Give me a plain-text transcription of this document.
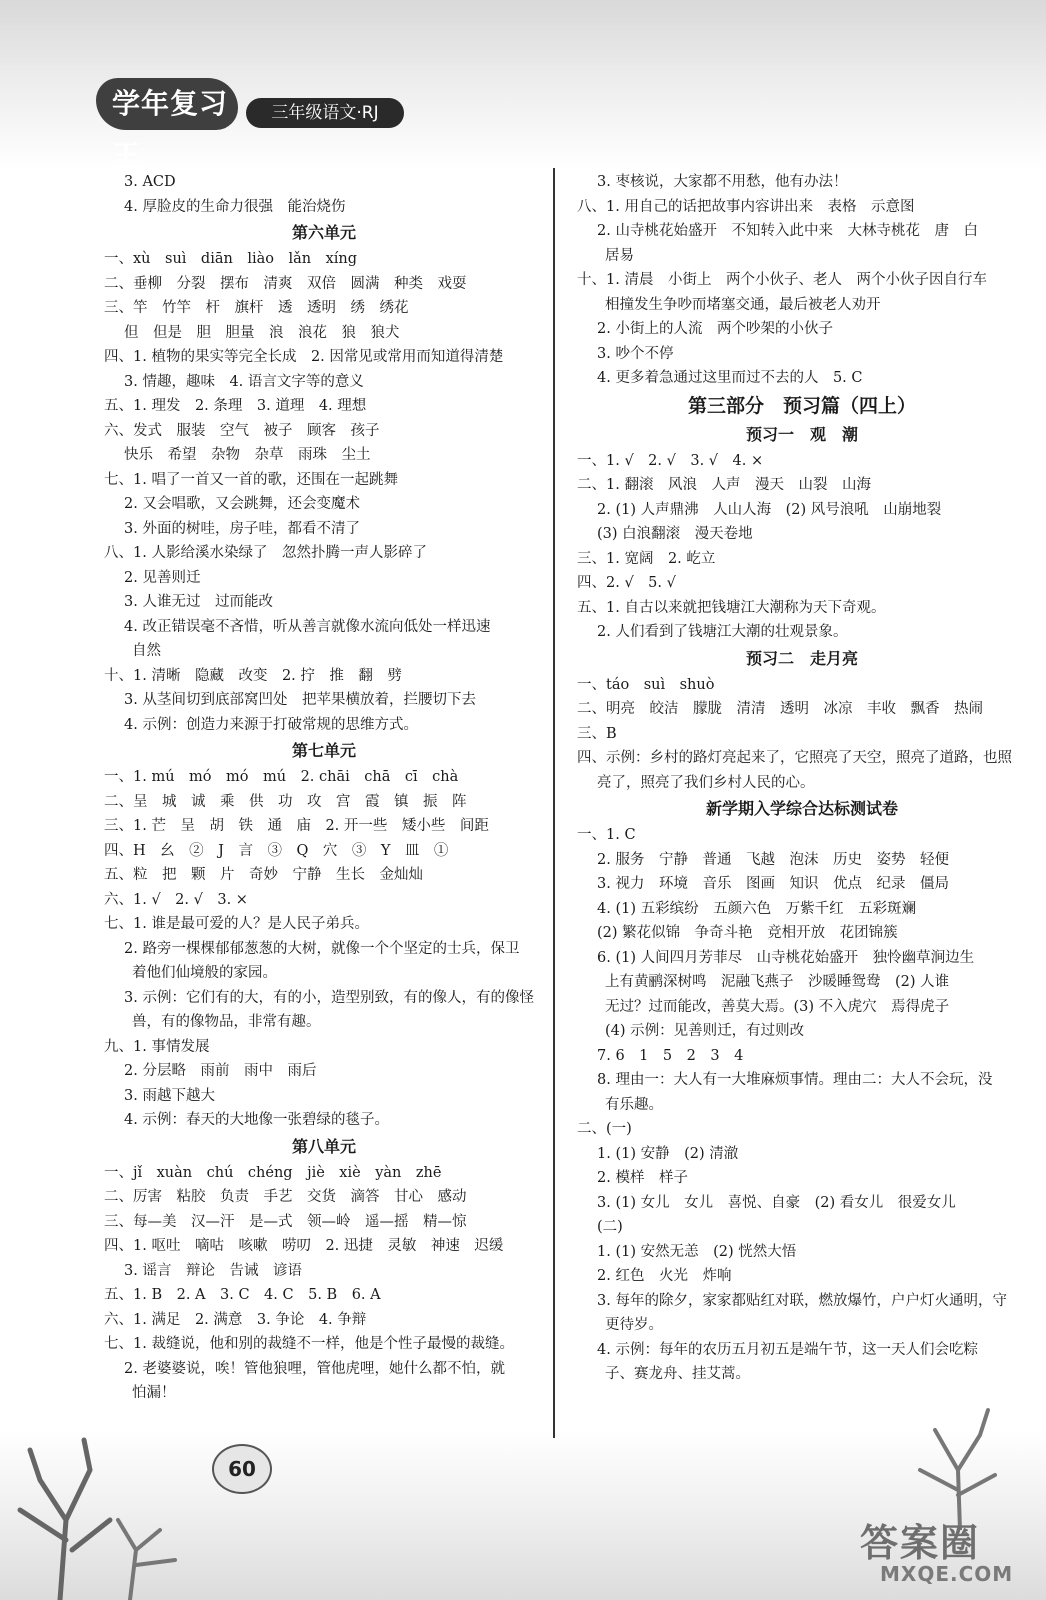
学年复习王
三年级语文·RJ
3. ACD
4. 厚脸皮的生命力很强　能治烧伤
第六单元
一、xù　suì　diān　liào　lǎn　xíng
二、垂柳　分裂　摆布　清爽　双倍　圆满　种类　戏耍
三、竿　竹竿　杆　旗杆　透　透明　绣　绣花
但　但是　胆　胆量　浪　浪花　狼　狼犬
四、1. 植物的果实等完全长成　2. 因常见或常用而知道得清楚
3. 情趣，趣味　4. 语言文字等的意义
五、1. 理发　2. 条理　3. 道理　4. 理想
六、发式　服装　空气　被子　顾客　孩子
快乐　希望　杂物　杂草　雨珠　尘土
七、1. 唱了一首又一首的歌，还围在一起跳舞
2. 又会唱歌，又会跳舞，还会变魔术
3. 外面的树哇，房子哇，都看不清了
八、1. 人影给溪水染绿了　忽然扑腾一声人影碎了
2. 见善则迁
3. 人谁无过　过而能改
4. 改正错误毫不吝惜，听从善言就像水流向低处一样迅速
自然
十、1. 清晰　隐藏　改变　2. 拧　推　翻　劈
3. 从茎间切到底部窝凹处　把苹果横放着，拦腰切下去
4. 示例：创造力来源于打破常规的思维方式。
第七单元
一、1. mú　mó　mó　mú　2. chāi　chā　cī　chà
二、呈　城　诚　乘　供　功　攻　宫　霞　镇　振　阵
三、1. 芒　呈　胡　铁　通　庙　2. 开一些　矮小些　间距
四、H　幺　②　J　言　③　Q　穴　③　Y　皿　①
五、粒　把　颗　片　奇妙　宁静　生长　金灿灿
六、1. √　2. √　3. ×
七、1. 谁是最可爱的人？是人民子弟兵。
2. 路旁一棵棵郁郁葱葱的大树，就像一个个坚定的士兵，保卫
着他们仙境般的家园。
3. 示例：它们有的大，有的小，造型别致，有的像人，有的像怪
兽，有的像物品，非常有趣。
九、1. 事情发展
2. 分层略　雨前　雨中　雨后
3. 雨越下越大
4. 示例：春天的大地像一张碧绿的毯子。
第八单元
一、jǐ　xuàn　chú　chéng　jiè　xiè　yàn　zhē
二、厉害　粘胶　负责　手艺　交货　滴答　甘心　感动
三、每—美　汉—汗　是—式　领—岭　遥—摇　精—惊
四、1. 呕吐　嘀咕　咳嗽　唠叨　2. 迅捷　灵敏　神速　迟缓
3. 谣言　辩论　告诫　谚语
五、1. B　2. A　3. C　4. C　5. B　6. A
六、1. 满足　2. 满意　3. 争论　4. 争辩
七、1. 裁缝说，他和别的裁缝不一样，他是个性子最慢的裁缝。
2. 老婆婆说，唉！管他狼哩，管他虎哩，她什么都不怕，就
怕漏！
3. 枣核说，大家都不用愁，他有办法！
八、1. 用自己的话把故事内容讲出来　表格　示意图
2. 山寺桃花始盛开　不知转入此中来　大林寺桃花　唐　白
居易
十、1. 清晨　小街上　两个小伙子、老人　两个小伙子因自行车
相撞发生争吵而堵塞交通，最后被老人劝开
2. 小街上的人流　两个吵架的小伙子
3. 吵个不停
4. 更多着急通过这里而过不去的人　5. C
第三部分　预习篇（四上）
预习一　观　潮
一、1. √　2. √　3. √　4. ×
二、1. 翻滚　风浪　人声　漫天　山裂　山海
2. (1) 人声鼎沸　人山人海　(2) 风号浪吼　山崩地裂
(3) 白浪翻滚　漫天卷地
三、1. 宽阔　2. 屹立
四、2. √　5. √
五、1. 自古以来就把钱塘江大潮称为天下奇观。
2. 人们看到了钱塘江大潮的壮观景象。
预习二　走月亮
一、táo　suì　shuò
二、明亮　皎洁　朦胧　清清　透明　冰凉　丰收　飘香　热闹
三、B
四、示例：乡村的路灯亮起来了，它照亮了天空，照亮了道路，也照
亮了，照亮了我们乡村人民的心。
新学期入学综合达标测试卷
一、1. C
2. 服务　宁静　普通　飞越　泡沫　历史　姿势　轻便
3. 视力　环境　音乐　图画　知识　优点　纪录　僵局
4. (1) 五彩缤纷　五颜六色　万紫千红　五彩斑斓
(2) 繁花似锦　争奇斗艳　竞相开放　花团锦簇
6. (1) 人间四月芳菲尽　山寺桃花始盛开　独怜幽草涧边生
上有黄鹂深树鸣　泥融飞燕子　沙暖睡鸳鸯　(2) 人谁
无过？过而能改，善莫大焉。(3) 不入虎穴　焉得虎子
(4) 示例：见善则迁，有过则改
7. 6　1　5　2　3　4
8. 理由一：大人有一大堆麻烦事情。理由二：大人不会玩，没
有乐趣。
二、(一)
1. (1) 安静　(2) 清澈
2. 模样　样子
3. (1) 女儿　女儿　喜悦、自豪　(2) 看女儿　很爱女儿
(二)
1. (1) 安然无恙　(2) 恍然大悟
2. 红色　火光　炸响
3. 每年的除夕，家家都贴红对联，燃放爆竹，户户灯火通明，守
更待岁。
4. 示例：每年的农历五月初五是端午节，这一天人们会吃粽
子、赛龙舟、挂艾蒿。
60
答案圈
MXQE.COM
